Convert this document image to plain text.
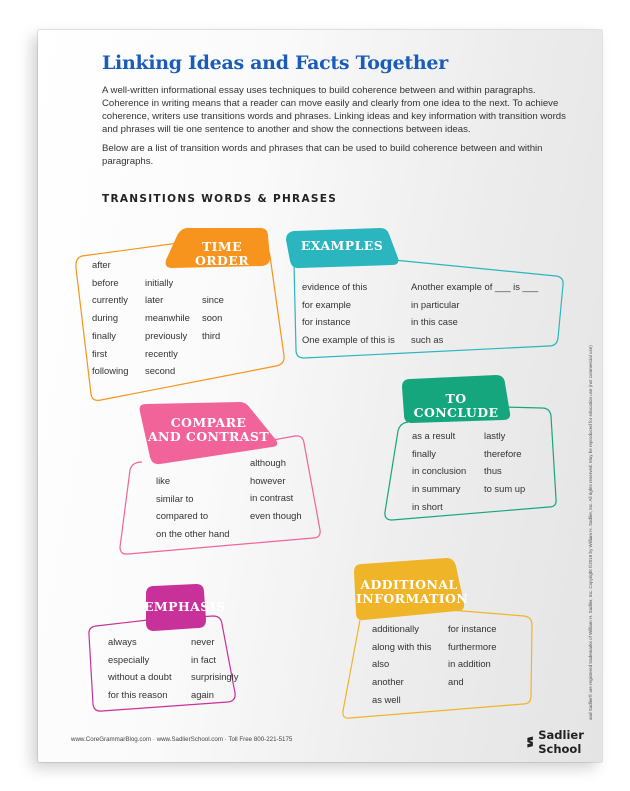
Linking Ideas and Facts Together

A well-written informational essay uses techniques to build coherence between and within paragraphs. Coherence in writing means that a reader can move easily and clearly from one idea to the next. To achieve coherence, writers use transitions words and phrases. Linking ideas and key information with transition words and phrases will tie one sentence to another and show the connections between ideas.

Below are a list of transition words and phrases that can be used to build coherence between and within paragraphs.

TRANSITIONS WORDS & PHRASES
TIME ORDER
after
before
currently
during
finally
first
following
initially
later
meanwhile
previously
recently
second
since
soon
third
EXAMPLES
evidence of this
for example
for instance
One example of this is
Another example of ___ is ___
in particular
in this case
such as
COMPARE
AND CONTRAST
like
similar to
compared to
on the other hand
although
however
in contrast
even though
TO CONCLUDE
as a result
finally
in conclusion
in summary
in short
lastly
therefore
thus
to sum up
EMPHASIS
always
especially
without a doubt
for this reason
never
in fact
surprisingly
again
ADDITIONAL
INFORMATION
additionally
along with this
also
another
as well
for instance
furthermore
in addition
and
www.CoreGrammarBlog.com · www.SadlierSchool.com · Toll Free 800-221-5175	Sadlier School
and Sadlier® are registered trademarks of William H. Sadlier, Inc. Copyright ©2018 by William H. Sadlier, Inc. All rights reserved. May be reproduced for education use (not commercial use)
